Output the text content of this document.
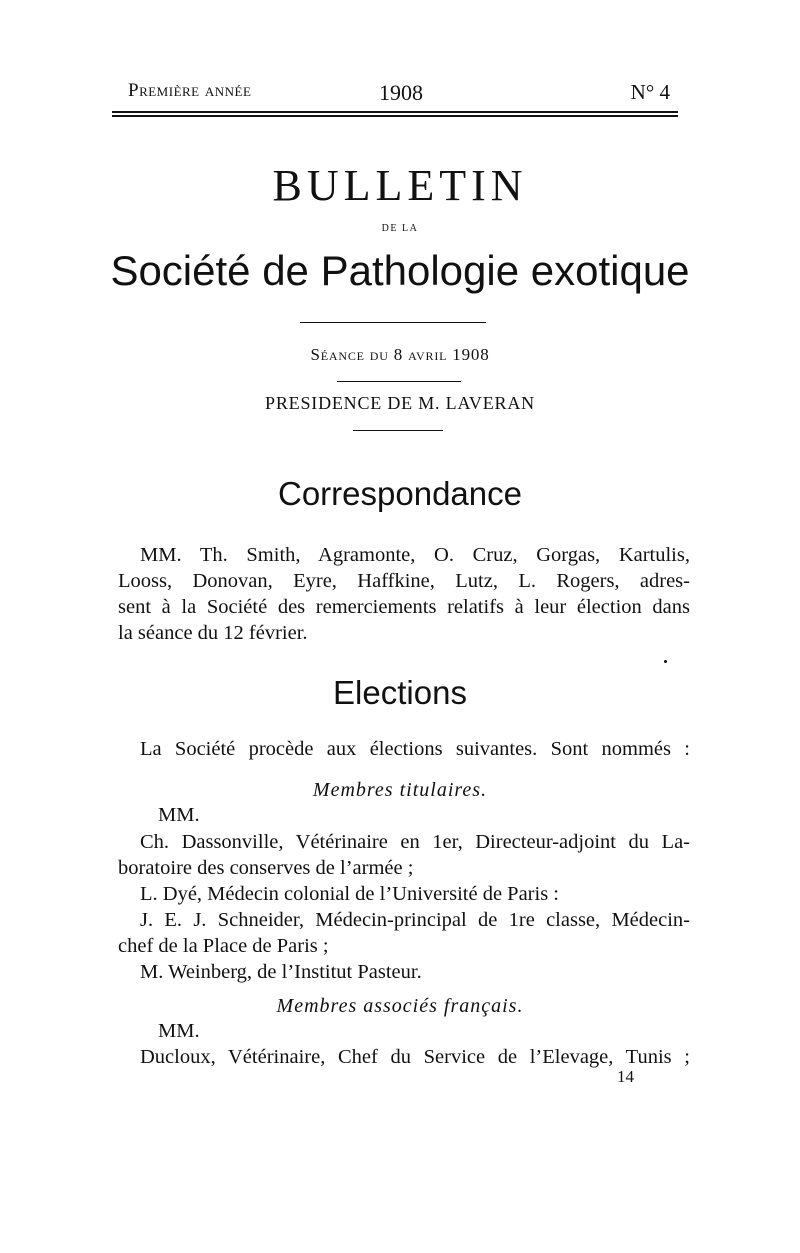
Première année	1908	N° 4
BULLETIN
DE LA
Société de Pathologie exotique
Séance du 8 avril 1908
PRESIDENCE DE M. LAVERAN
Correspondance
MM. Th. Smith, Agramonte, O. Cruz, Gorgas, Kartulis,
Looss, Donovan, Eyre, Haffkine, Lutz, L. Rogers, adres-
sent à la Société des remerciements relatifs à leur élection dans
la séance du 12 février.
Elections
La Société procède aux élections suivantes. Sont nommés :
Membres titulaires.
MM.
Ch. Dassonville, Vétérinaire en 1er, Directeur-adjoint du La-
boratoire des conserves de l’armée ;
L. Dyé, Médecin colonial de l’Université de Paris :
J. E. J. Schneider, Médecin-principal de 1re classe, Médecin-
chef de la Place de Paris ;
M. Weinberg, de l’Institut Pasteur.
Membres associés français.
MM.
Ducloux, Vétérinaire, Chef du Service de l’Elevage, Tunis ;
14
